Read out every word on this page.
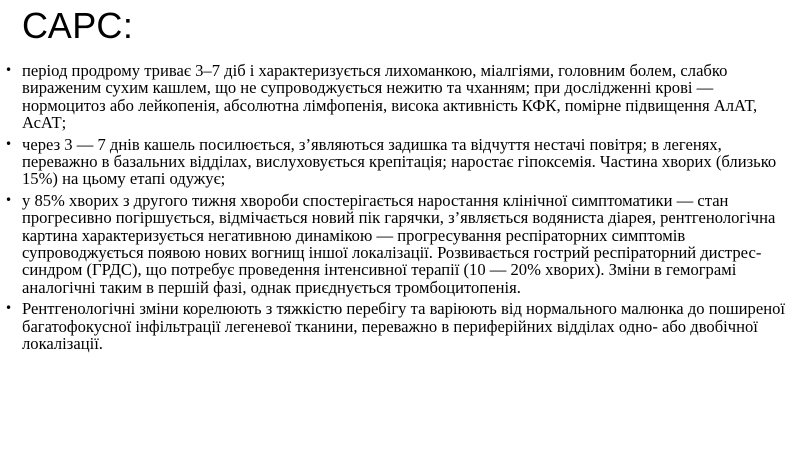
САРС:
• період продрому триває 3–7 діб і характеризується лихоманкою, міалгіями, головним болем, слабко вираженим сухим кашлем, що не супроводжується нежитю та чханням; при дослідженні крові — нормоцитоз або лейкопенія, абсолютна лімфопенія, висока активність КФК, помірне підвищення АлАТ, АсАТ;
• через 3 — 7 днів кашель посилюється, з’являються задишка та відчуття нестачі повітря; в легенях, переважно в базальних відділах, вислуховується крепітація; наростає гіпоксемія. Частина хворих (близько 15%) на цьому етапі одужує;
• у 85% хворих з другого тижня хвороби спостерігається наростання клінічної симптоматики — стан прогресивно погіршується, відмічається новий пік гарячки, з’являється водяниста діарея, рентгенологічна картина характеризується негативною динамікою — прогресування респіраторних симптомів супроводжується появою нових вогнищ іншої локалізації. Розвивається гострий респіраторний дистрес-синдром (ГРДС), що потребує проведення інтенсивної терапії (10 — 20% хворих). Зміни в гемограмі аналогічні таким в першій фазі, однак приєднується тромбоцитопенія.
• Рентгенологічні зміни корелюють з тяжкістю перебігу та варіюють від нормального малюнка до поширеної багатофокусної інфільтрації легеневої тканини, переважно в периферійних відділах одно- або двобічної локалізації.
